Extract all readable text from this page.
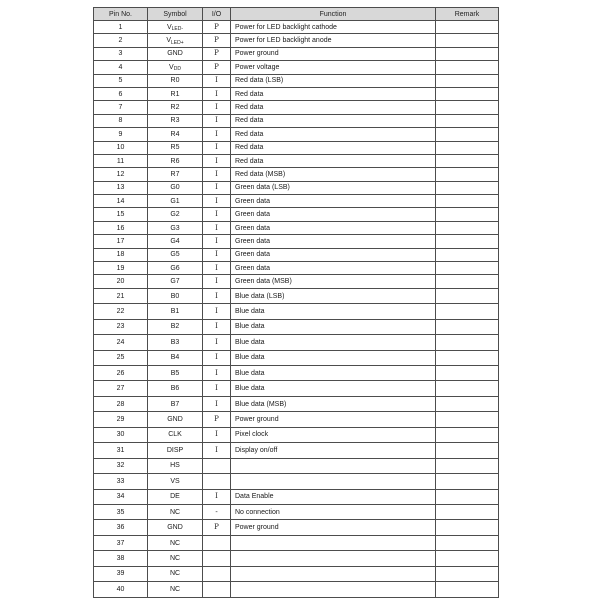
Pin No.	Symbol	I/O	Function	Remark
1	$V_{LED-}$	P	Power for LED backlight cathode	
2	$V_{LED+}$	P	Power for LED backlight anode	
3	GND	P	Power ground	
4	$V_{DD}$	P	Power voltage	
5	R0	I	Red data (LSB)	
6	R1	I	Red data	
7	R2	I	Red data	
8	R3	I	Red data	
9	R4	I	Red data	
10	R5	I	Red data	
11	R6	I	Red data	
12	R7	I	Red data (MSB)	
13	G0	I	Green data (LSB)	
14	G1	I	Green data	
15	G2	I	Green data	
16	G3	I	Green data	
17	G4	I	Green data	
18	G5	I	Green data	
19	G6	I	Green data	
20	G7	I	Green data (MSB)	
21	B0	I	Blue data (LSB)	
22	B1	I	Blue data	
23	B2	I	Blue data	
24	B3	I	Blue data	
25	B4	I	Blue data	
26	B5	I	Blue data	
27	B6	I	Blue data	
28	B7	I	Blue data (MSB)	
29	GND	P	Power ground	
30	CLK	I	Pixel clock	
31	DISP	I	Display on/off	
32	HS			
33	VS			
34	DE	I	Data Enable	
35	NC	-	No connection	
36	GND	P	Power ground	
37	NC			
38	NC			
39	NC			
40	NC			
